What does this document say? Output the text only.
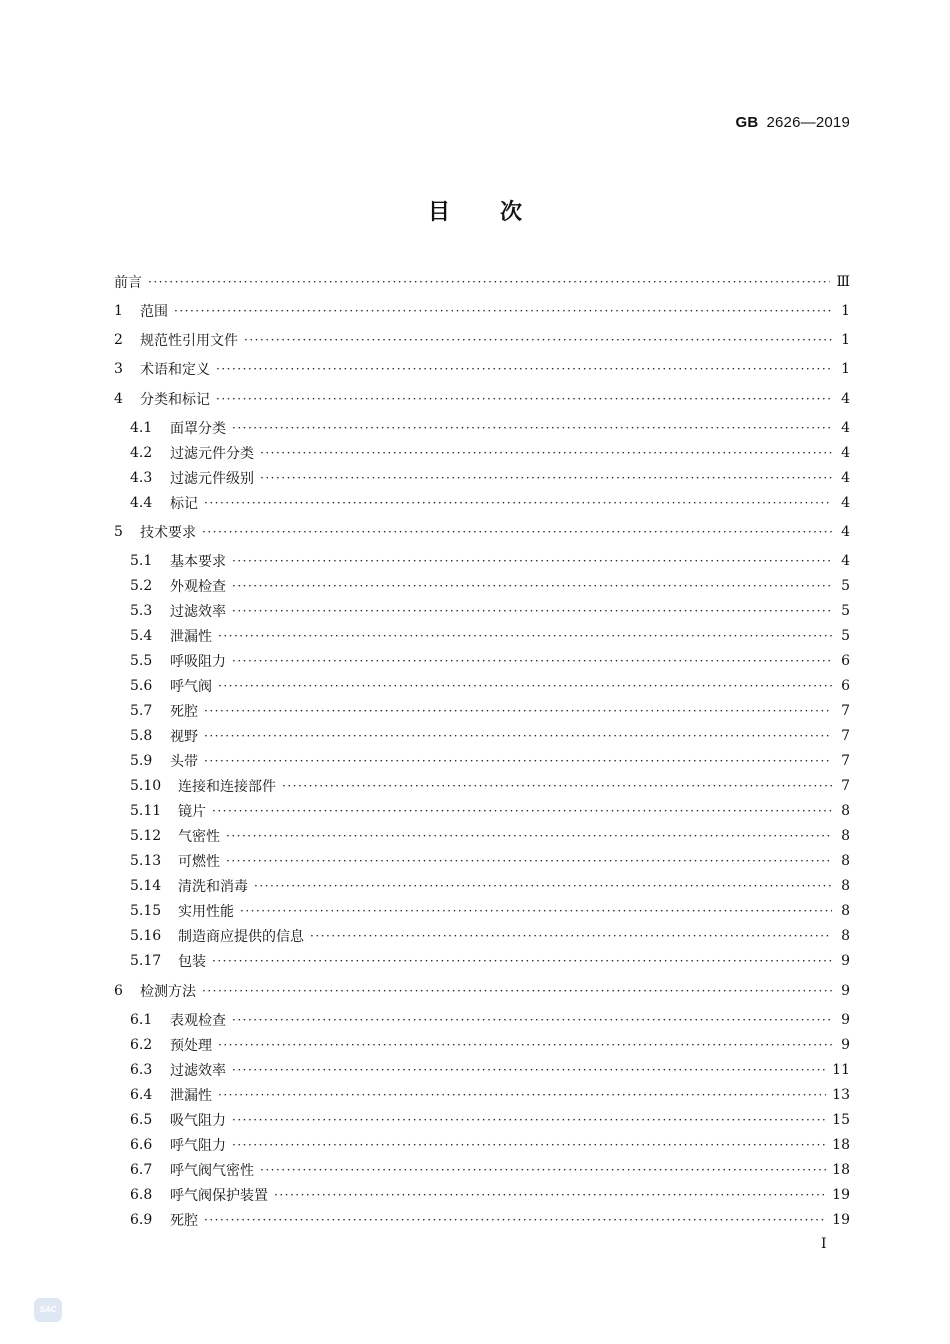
GB 2626—2019
目 次
前言 ·····	Ⅲ
1	范围 ·····	1
2	规范性引用文件 ·····	1
3	术语和定义 ·····	1
4	分类和标记 ·····	4
4.1	面罩分类 ·····	4
4.2	过滤元件分类 ·····	4
4.3	过滤元件级别 ·····	4
4.4	标记 ·····	4
5	技术要求 ·····	4
5.1	基本要求 ·····	4
5.2	外观检查 ·····	5
5.3	过滤效率 ·····	5
5.4	泄漏性 ·····	5
5.5	呼吸阻力 ·····	6
5.6	呼气阀 ·····	6
5.7	死腔 ·····	7
5.8	视野 ·····	7
5.9	头带 ·····	7
5.10	连接和连接部件 ·····	7
5.11	镜片 ·····	8
5.12	气密性 ·····	8
5.13	可燃性 ·····	8
5.14	清洗和消毒 ·····	8
5.15	实用性能 ·····	8
5.16	制造商应提供的信息 ·····	8
5.17	包装 ·····	9
6	检测方法 ·····	9
6.1	表观检查 ·····	9
6.2	预处理 ·····	9
6.3	过滤效率 ·····	11
6.4	泄漏性 ·····	13
6.5	吸气阻力 ·····	15
6.6	呼气阻力 ·····	18
6.7	呼气阀气密性 ·····	18
6.8	呼气阀保护装置 ·····	19
6.9	死腔 ·····	19
I
SAC
